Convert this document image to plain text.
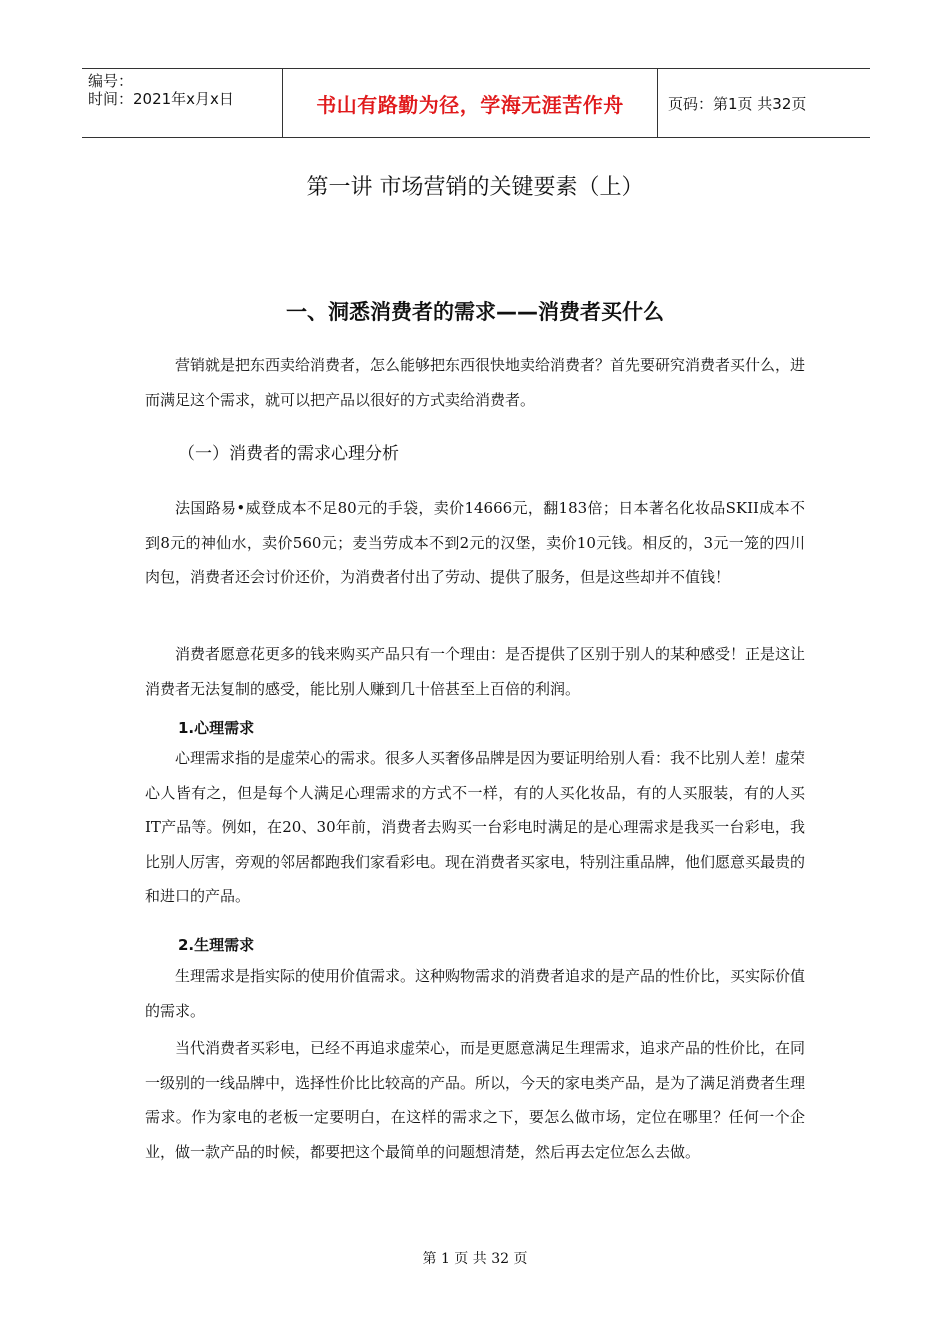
编号：
时间：2021年x月x日	书山有路勤为径，学海无涯苦作舟	页码：第1页 共32页
第一讲 市场营销的关键要素（上）
一、洞悉消费者的需求——消费者买什么

营销就是把东西卖给消费者，怎么能够把东西很快地卖给消费者？首先要研究消费者买什么，进而满足这个需求，就可以把产品以很好的方式卖给消费者。

（一）消费者的需求心理分析

法国路易•威登成本不足80元的手袋，卖价14666元，翻183倍；日本著名化妆品SKII成本不到8元的神仙水，卖价560元；麦当劳成本不到2元的汉堡，卖价10元钱。相反的，3元一笼的四川肉包，消费者还会讨价还价，为消费者付出了劳动、提供了服务，但是这些却并不值钱！

消费者愿意花更多的钱来购买产品只有一个理由：是否提供了区别于别人的某种感受！正是这让消费者无法复制的感受，能比别人赚到几十倍甚至上百倍的利润。

1.心理需求

心理需求指的是虚荣心的需求。很多人买奢侈品牌是因为要证明给别人看：我不比别人差！虚荣心人皆有之，但是每个人满足心理需求的方式不一样，有的人买化妆品，有的人买服装，有的人买IT产品等。例如，在20、30年前，消费者去购买一台彩电时满足的是心理需求是我买一台彩电，我比别人厉害，旁观的邻居都跑我们家看彩电。现在消费者买家电，特别注重品牌，他们愿意买最贵的和进口的产品。

2.生理需求

生理需求是指实际的使用价值需求。这种购物需求的消费者追求的是产品的性价比，买实际价值的需求。

当代消费者买彩电，已经不再追求虚荣心，而是更愿意满足生理需求，追求产品的性价比，在同一级别的一线品牌中，选择性价比比较高的产品。所以，今天的家电类产品，是为了满足消费者生理需求。作为家电的老板一定要明白，在这样的需求之下，要怎么做市场，定位在哪里？任何一个企业，做一款产品的时候，都要把这个最简单的问题想清楚，然后再去定位怎么去做。

第 1 页 共 32 页
